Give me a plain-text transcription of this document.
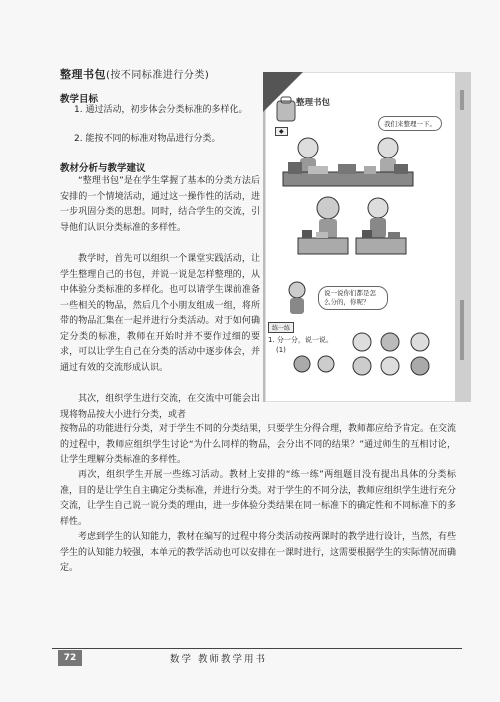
整理书包(按不同标准进行分类)
教学目标
1. 通过活动，初步体会分类标准的多样化。
2. 能按不同的标准对物品进行分类。
教材分析与教学建议
“整理书包”是在学生掌握了基本的分类方法后安排的一个情境活动，通过这一操作性的活动，进一步巩固分类的思想。同时，结合学生的交流，引导他们认识分类标准的多样性。
教学时，首先可以组织一个课堂实践活动，让学生整理自己的书包，并说一说是怎样整理的，从中体验分类标准的多样化。也可以请学生课前准备一些相关的物品，然后几个小朋友组成一组，将所带的物品汇集在一起并进行分类活动。对于如何确定分类的标准，教师在开始时并不要作过细的要求，可以让学生自己在分类的活动中逐步体会，并通过有效的交流形成认识。
其次，组织学生进行交流，在交流中可能会出现将物品按大小进行分类，或者
按物品的功能进行分类，对于学生不同的分类结果，只要学生分得合理，教师都应给予肯定。在交流的过程中，教师应组织学生讨论“为什么同样的物品，会分出不同的结果？”通过师生的互相讨论，让学生理解分类标准的多样性。
再次，组织学生开展一些练习活动。教材上安排的“练一练”两组题目没有提出具体的分类标准，目的是让学生自主确定分类标准，并进行分类。对于学生的不同分法，教师应组织学生进行充分交流，让学生自己说一说分类的理由，进一步体验分类结果在同一标准下的确定性和不同标准下的多样性。
考虑到学生的认知能力，教材在编写的过程中将分类活动按两课时的教学进行设计，当然，有些学生的认知能力较强，本单元的教学活动也可以安排在一课时进行，这需要根据学生的实际情况而确定。
整理书包
◆
我们来整理一下。
说一说你们都是怎么分的，你呢？
练一练
1. 分一分，说一说。
(1)
72	数学 教师教学用书
